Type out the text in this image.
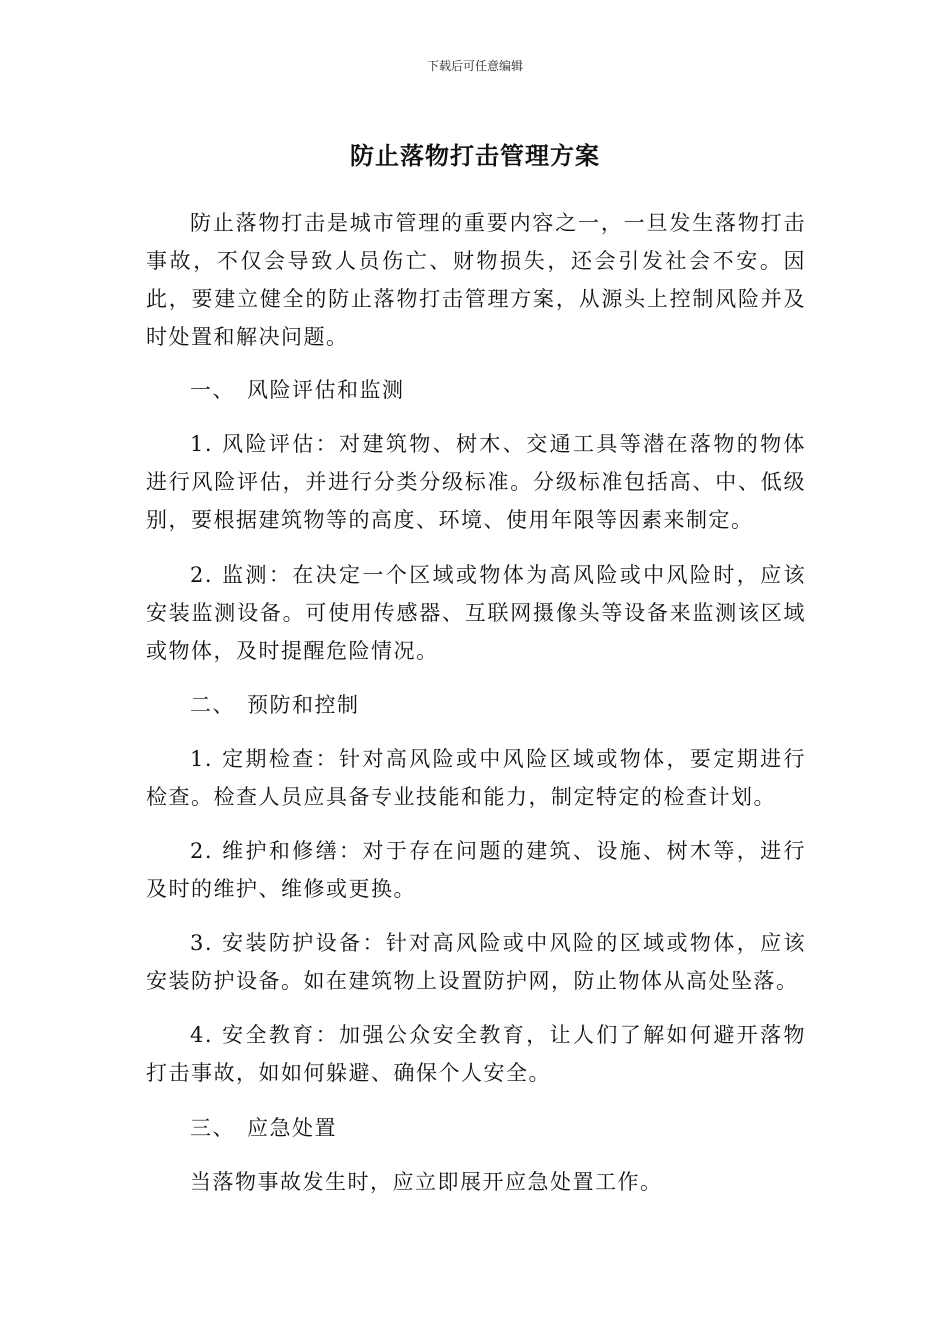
下载后可任意编辑
防止落物打击管理方案

防止落物打击是城市管理的重要内容之一，一旦发生落物打击事故，不仅会导致人员伤亡、财物损失，还会引发社会不安。因此，要建立健全的防止落物打击管理方案，从源头上控制风险并及时处置和解决问题。

一、　风险评估和监测

1. 风险评估：对建筑物、树木、交通工具等潜在落物的物体进行风险评估，并进行分类分级标准。分级标准包括高、中、低级别，要根据建筑物等的高度、环境、使用年限等因素来制定。

2. 监测：在决定一个区域或物体为高风险或中风险时，应该安装监测设备。可使用传感器、互联网摄像头等设备来监测该区域或物体，及时提醒危险情况。

二、　预防和控制

1. 定期检查：针对高风险或中风险区域或物体，要定期进行检查。检查人员应具备专业技能和能力，制定特定的检查计划。

2. 维护和修缮：对于存在问题的建筑、设施、树木等，进行及时的维护、维修或更换。

3. 安装防护设备：针对高风险或中风险的区域或物体，应该安装防护设备。如在建筑物上设置防护网，防止物体从高处坠落。

4. 安全教育：加强公众安全教育，让人们了解如何避开落物打击事故，如如何躲避、确保个人安全。

三、　应急处置

当落物事故发生时，应立即展开应急处置工作。
